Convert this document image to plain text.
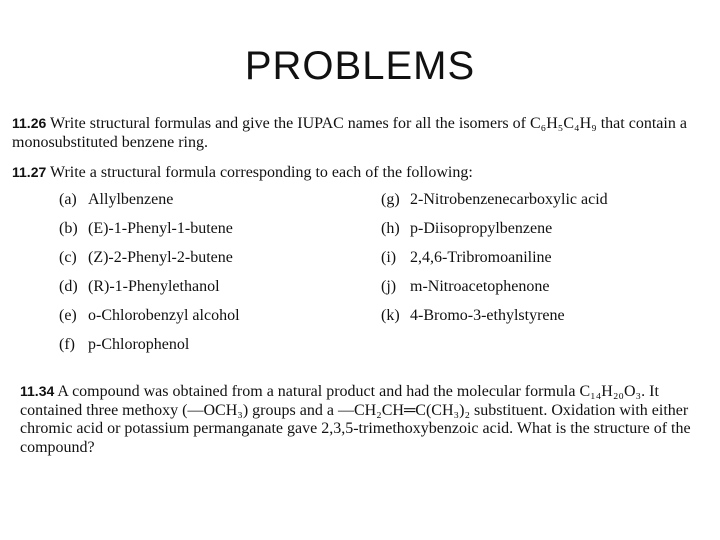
PROBLEMS
11.26 Write structural formulas and give the IUPAC names for all the isomers of C₆H₅C₄H₉ that contain a monosubstituted benzene ring.
11.27 Write a structural formula corresponding to each of the following:
(a) Allylbenzene
(b) (E)-1-Phenyl-1-butene
(c) (Z)-2-Phenyl-2-butene
(d) (R)-1-Phenylethanol
(e) o-Chlorobenzyl alcohol
(f) p-Chlorophenol
(g) 2-Nitrobenzenecarboxylic acid
(h) p-Diisopropylbenzene
(i) 2,4,6-Tribromoaniline
(j) m-Nitroacetophenone
(k) 4-Bromo-3-ethylstyrene
11.34 A compound was obtained from a natural product and had the molecular formula C₁₄H₂₀O₃. It contained three methoxy (—OCH₃) groups and a —CH₂CH═C(CH₃)₂ substituent. Oxidation with either chromic acid or potassium permanganate gave 2,3,5-trimethoxybenzoic acid. What is the structure of the compound?
